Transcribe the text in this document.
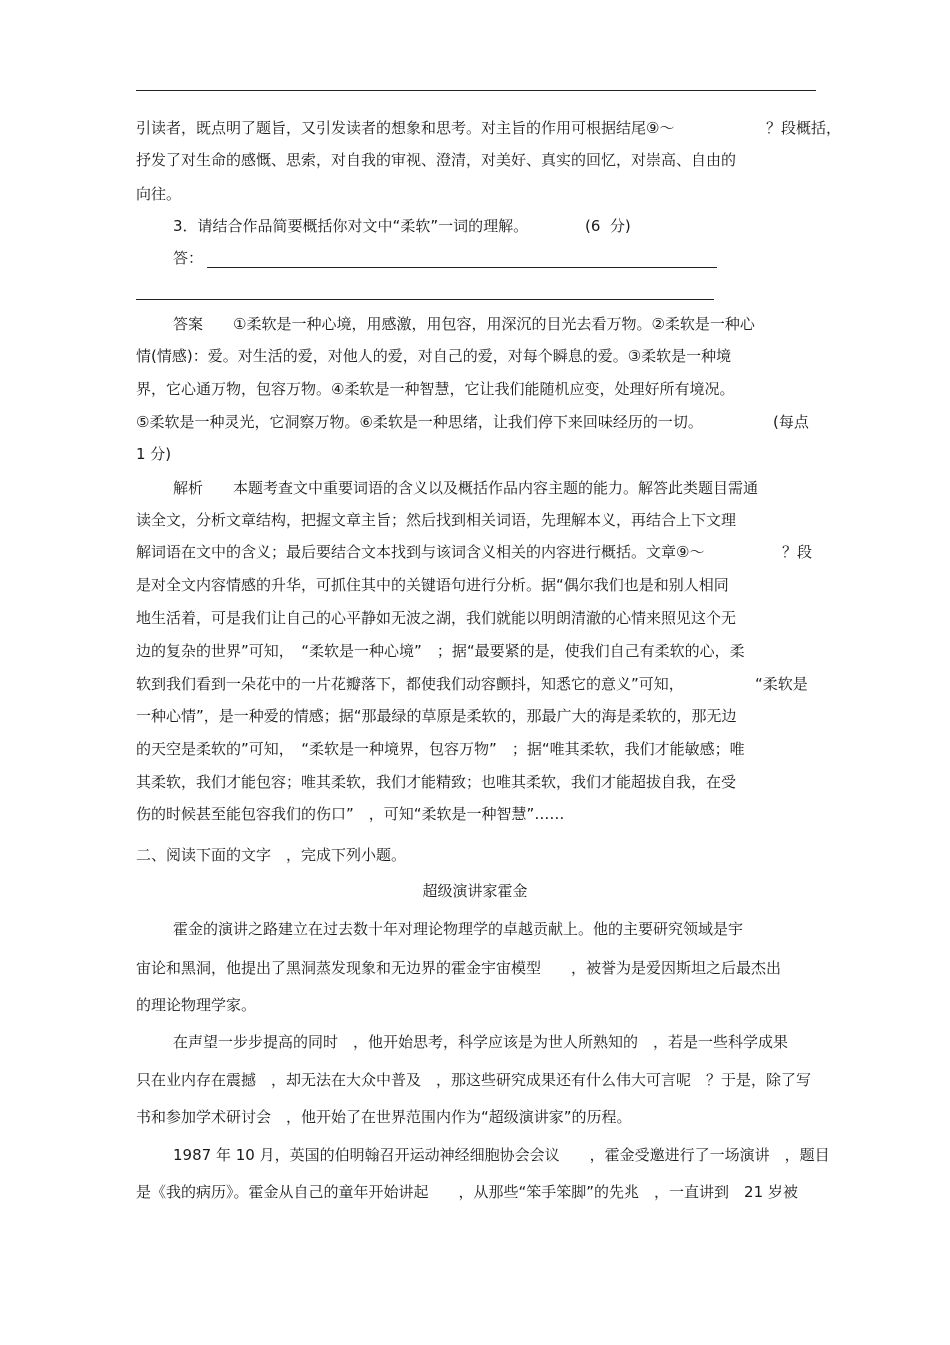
引读者，既点明了题旨，又引发读者的想象和思考。对主旨的作用可根据结尾⑨～	？段概括，
抒发了对生命的感慨、思索，对自我的审视、澄清，对美好、真实的回忆，对崇高、自由的
向往。
3．请结合作品简要概括你对文中“柔软”一词的理解。	(6  分)
答：
答案　　①柔软是一种心境，用感激，用包容，用深沉的目光去看万物。②柔软是一种心
情(情感)：爱。对生活的爱，对他人的爱，对自己的爱，对每个瞬息的爱。③柔软是一种境
界，它心通万物，包容万物。④柔软是一种智慧，它让我们能随机应变，处理好所有境况。
⑤柔软是一种灵光，它洞察万物。⑥柔软是一种思绪，让我们停下来回味经历的一切。	(每点
1 分)
解析　　本题考查文中重要词语的含义以及概括作品内容主题的能力。解答此类题目需通
读全文，分析文章结构，把握文章主旨；然后找到相关词语，先理解本义，再结合上下文理
解词语在文中的含义；最后要结合文本找到与该词含义相关的内容进行概括。文章⑨～	？段
是对全文内容情感的升华，可抓住其中的关键语句进行分析。据“偶尔我们也是和别人相同
地生活着，可是我们让自己的心平静如无波之湖，我们就能以明朗清澈的心情来照见这个无
边的复杂的世界”可知，　“柔软是一种心境”　；据“最要紧的是，使我们自己有柔软的心，柔
软到我们看到一朵花中的一片花瓣落下，都使我们动容颤抖，知悉它的意义”可知，	“柔软是
一种心情”，是一种爱的情感；据“那最绿的草原是柔软的，那最广大的海是柔软的，那无边
的天空是柔软的”可知，　“柔软是一种境界，包容万物”　；据“唯其柔软，我们才能敏感；唯
其柔软，我们才能包容；唯其柔软，我们才能精致；也唯其柔软，我们才能超拔自我，在受
伤的时候甚至能包容我们的伤口”　，可知“柔软是一种智慧”……
二、阅读下面的文字　，完成下列小题。
超级演讲家霍金
霍金的演讲之路建立在过去数十年对理论物理学的卓越贡献上。他的主要研究领域是宇
宙论和黑洞，他提出了黑洞蒸发现象和无边界的霍金宇宙模型　　，被誉为是爱因斯坦之后最杰出
的理论物理学家。
在声望一步步提高的同时　，他开始思考，科学应该是为世人所熟知的　，若是一些科学成果
只在业内存在震撼　，却无法在大众中普及　，那这些研究成果还有什么伟大可言呢　？于是，除了写
书和参加学术研讨会　，他开始了在世界范围内作为“超级演讲家”的历程。
1987 年 10 月，英国的伯明翰召开运动神经细胞协会会议　　，霍金受邀进行了一场演讲　，题目
是《我的病历》。霍金从自己的童年开始讲起　　，从那些“笨手笨脚”的先兆　，一直讲到　21 岁被
